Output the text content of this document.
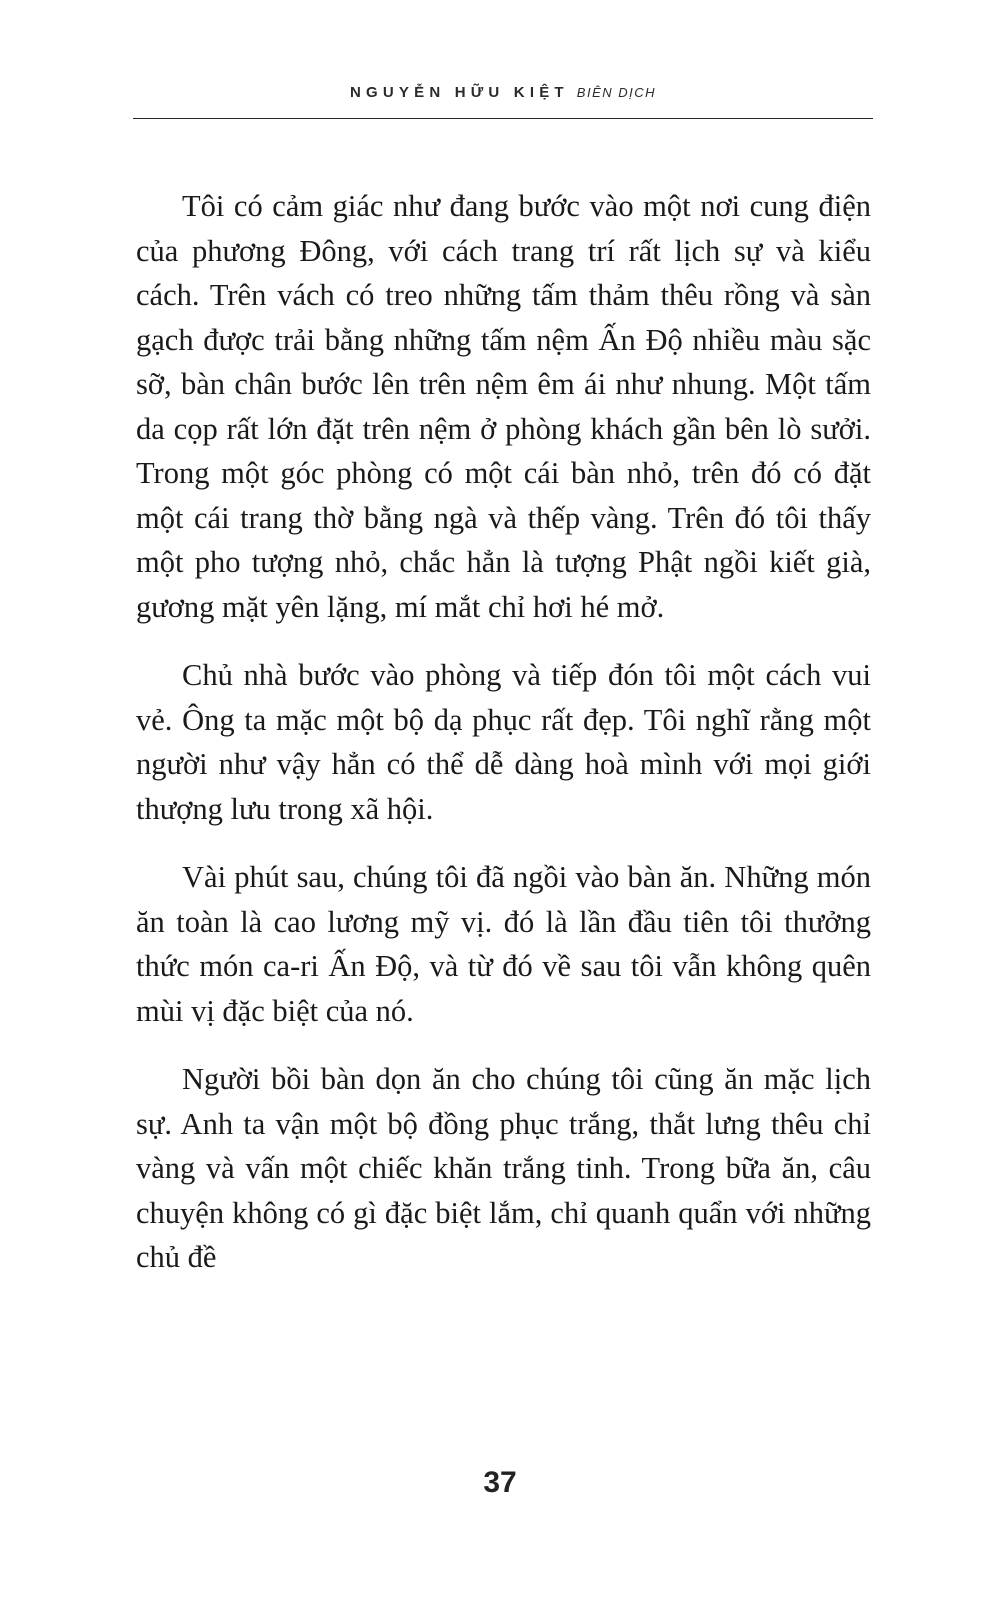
NGUYỄN HỮU KIỆT BIÊN DỊCH

Tôi có cảm giác như đang bước vào một nơi cung điện của phương Đông, với cách trang trí rất lịch sự và kiểu cách. Trên vách có treo những tấm thảm thêu rồng và sàn gạch được trải bằng những tấm nệm Ấn Độ nhiều màu sặc sỡ, bàn chân bước lên trên nệm êm ái như nhung. Một tấm da cọp rất lớn đặt trên nệm ở phòng khách gần bên lò sưởi. Trong một góc phòng có một cái bàn nhỏ, trên đó có đặt một cái trang thờ bằng ngà và thếp vàng. Trên đó tôi thấy một pho tượng nhỏ, chắc hẳn là tượng Phật ngồi kiết già, gương mặt yên lặng, mí mắt chỉ hơi hé mở.

Chủ nhà bước vào phòng và tiếp đón tôi một cách vui vẻ. Ông ta mặc một bộ dạ phục rất đẹp. Tôi nghĩ rằng một người như vậy hẳn có thể dễ dàng hoà mình với mọi giới thượng lưu trong xã hội.

Vài phút sau, chúng tôi đã ngồi vào bàn ăn. Những món ăn toàn là cao lương mỹ vị. đó là lần đầu tiên tôi thưởng thức món ca-ri Ấn Độ, và từ đó về sau tôi vẫn không quên mùi vị đặc biệt của nó.

Người bồi bàn dọn ăn cho chúng tôi cũng ăn mặc lịch sự. Anh ta vận một bộ đồng phục trắng, thắt lưng thêu chỉ vàng và vấn một chiếc khăn trắng tinh. Trong bữa ăn, câu chuyện không có gì đặc biệt lắm, chỉ quanh quẩn với những chủ đề

37
